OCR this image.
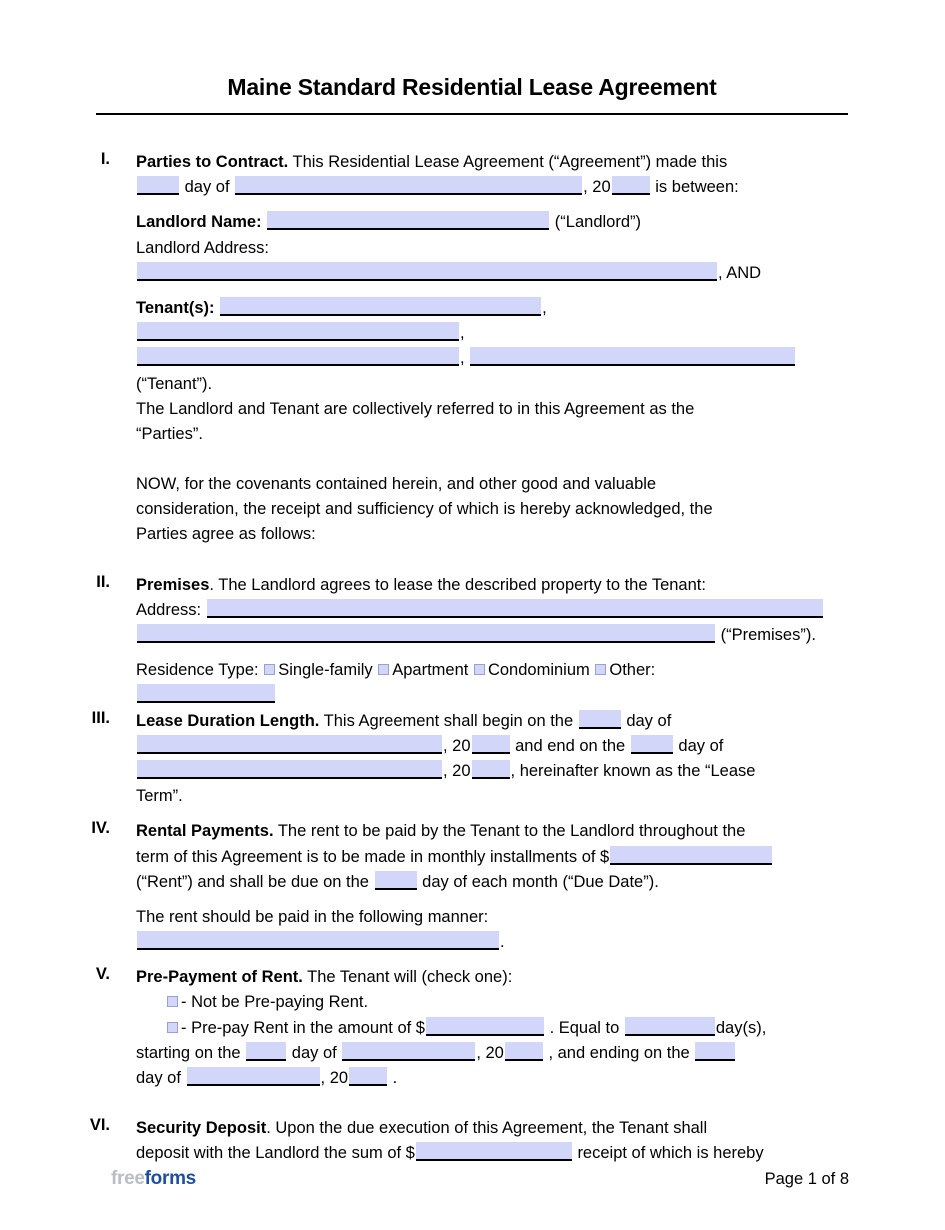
Maine Standard Residential Lease Agreement
I. Parties to Contract. This Residential Lease Agreement (“Agreement”) made this
day of	, 20	is between:
Landlord Name:	(“Landlord”)
Landlord Address:
, AND
Tenant(s):	,
,
,
(“Tenant”).
The Landlord and Tenant are collectively referred to in this Agreement as the
“Parties”.
NOW, for the covenants contained herein, and other good and valuable
consideration, the receipt and sufficiency of which is hereby acknowledged, the
Parties agree as follows:
II. Premises. The Landlord agrees to lease the described property to the Tenant:
Address:
(“Premises”).
Residence Type: Single-family Apartment Condominium Other:
III. Lease Duration Length. This Agreement shall begin on the	day of
, 20	and end on the	day of
, 20 , hereinafter known as the “Lease
Term”.
IV. Rental Payments. The rent to be paid by the Tenant to the Landlord throughout the
term of this Agreement is to be made in monthly installments of $
(“Rent”) and shall be due on the	day of each month (“Due Date”).
The rent should be paid in the following manner:
.
V. Pre-Payment of Rent. The Tenant will (check one):
- Not be Pre-paying Rent.
- Pre-pay Rent in the amount of $	. Equal to	day(s),
starting on the	day of	, 20	, and ending on the
day of	, 20	.
VI. Security Deposit. Upon the due execution of this Agreement, the Tenant shall
deposit with the Landlord the sum of $	receipt of which is hereby
freeforms	Page 1 of 8
